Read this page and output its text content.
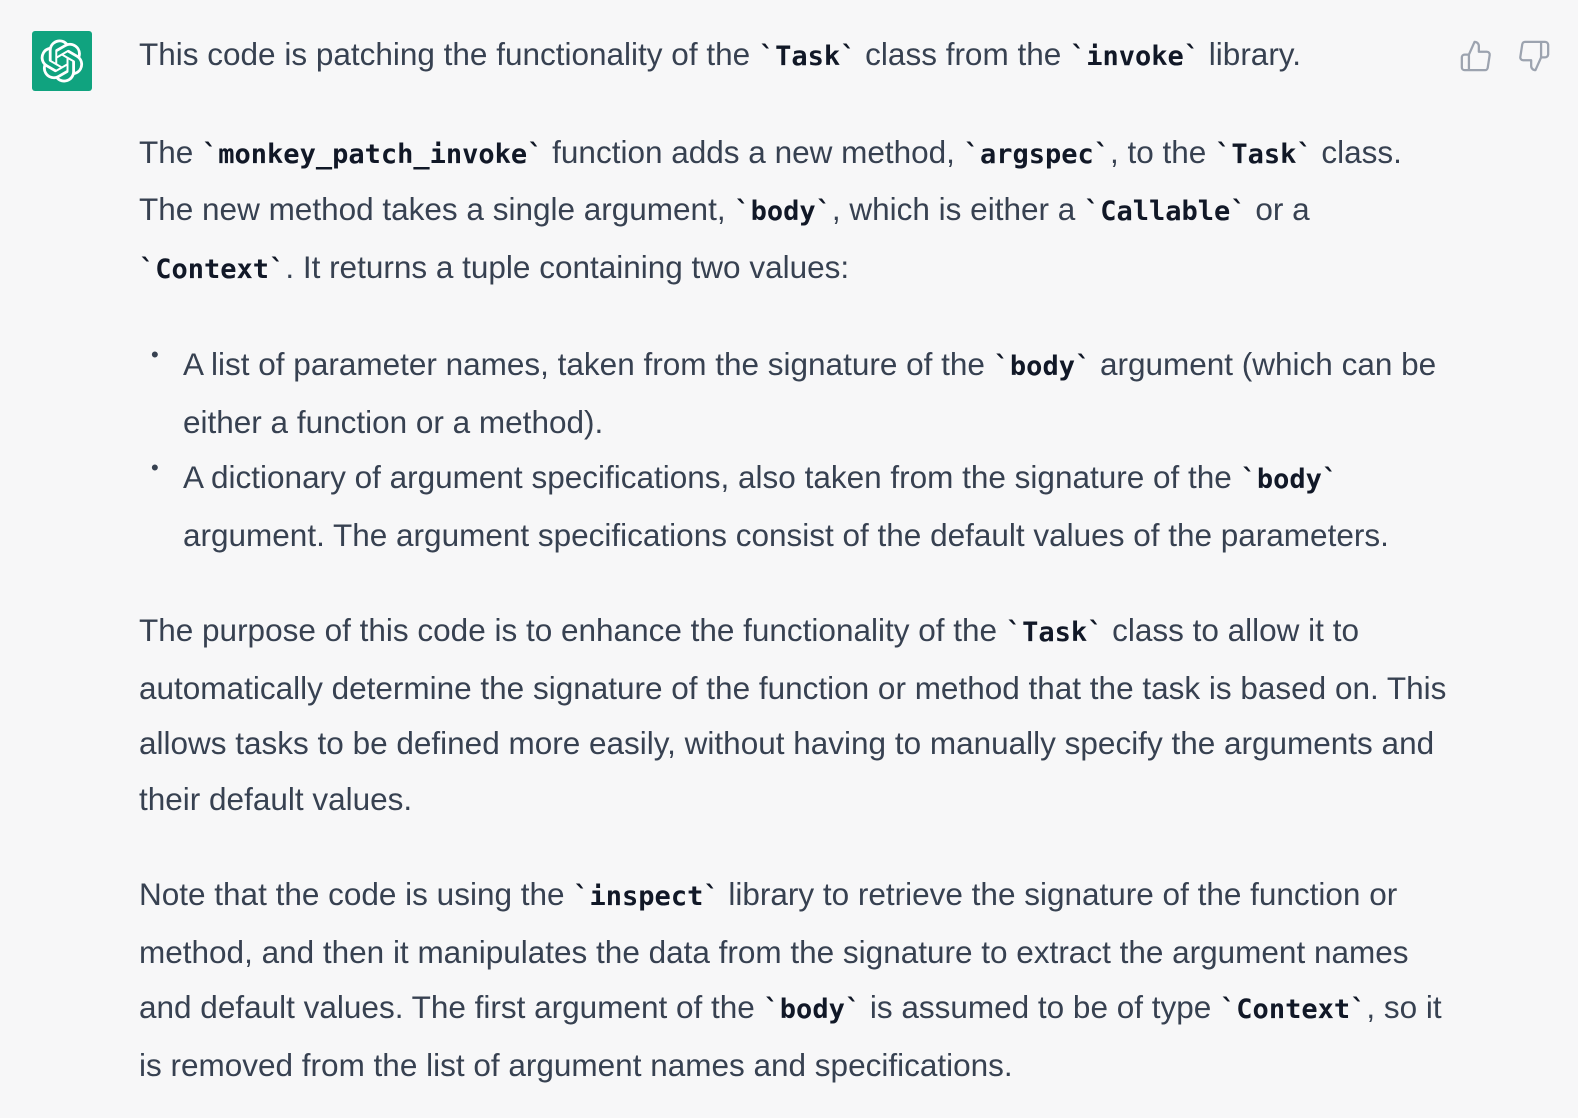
This code is patching the functionality of the `Task` class from the `invoke` library.

The `monkey_patch_invoke` function adds a new method, `argspec`, to the `Task` class. The new method takes a single argument, `body`, which is either a `Callable` or a `Context`. It returns a tuple containing two values:

• A list of parameter names, taken from the signature of the `body` argument (which can be either a function or a method).
• A dictionary of argument specifications, also taken from the signature of the `body` argument. The argument specifications consist of the default values of the parameters.

The purpose of this code is to enhance the functionality of the `Task` class to allow it to automatically determine the signature of the function or method that the task is based on. This allows tasks to be defined more easily, without having to manually specify the arguments and their default values.

Note that the code is using the `inspect` library to retrieve the signature of the function or method, and then it manipulates the data from the signature to extract the argument names and default values. The first argument of the `body` is assumed to be of type `Context`, so it is removed from the list of argument names and specifications.
